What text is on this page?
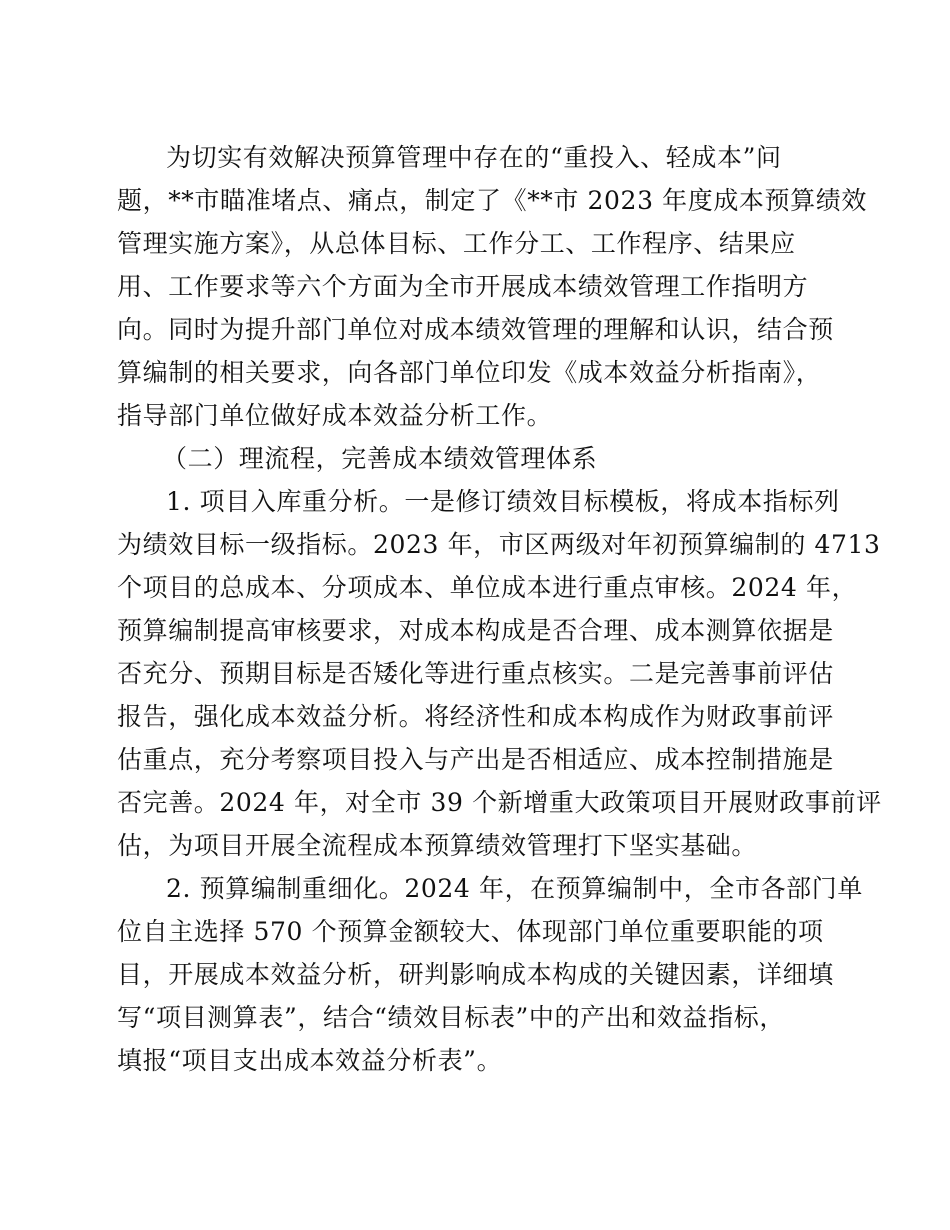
为切实有效解决预算管理中存在的“重投入、轻成本”问
题，**市瞄准堵点、痛点，制定了《**市 2023 年度成本预算绩效
管理实施方案》，从总体目标、工作分工、工作程序、结果应
用、工作要求等六个方面为全市开展成本绩效管理工作指明方
向。同时为提升部门单位对成本绩效管理的理解和认识，结合预
算编制的相关要求，向各部门单位印发《成本效益分析指南》，
指导部门单位做好成本效益分析工作。
（二）理流程，完善成本绩效管理体系
1. 项目入库重分析。一是修订绩效目标模板，将成本指标列
为绩效目标一级指标。2023 年，市区两级对年初预算编制的 4713
个项目的总成本、分项成本、单位成本进行重点审核。2024 年，
预算编制提高审核要求，对成本构成是否合理、成本测算依据是
否充分、预期目标是否矮化等进行重点核实。二是完善事前评估
报告，强化成本效益分析。将经济性和成本构成作为财政事前评
估重点，充分考察项目投入与产出是否相适应、成本控制措施是
否完善。2024 年，对全市 39 个新增重大政策项目开展财政事前评
估，为项目开展全流程成本预算绩效管理打下坚实基础。
2. 预算编制重细化。2024 年，在预算编制中，全市各部门单
位自主选择 570 个预算金额较大、体现部门单位重要职能的项
目，开展成本效益分析，研判影响成本构成的关键因素，详细填
写“项目测算表”，结合“绩效目标表”中的产出和效益指标，
填报“项目支出成本效益分析表”。
